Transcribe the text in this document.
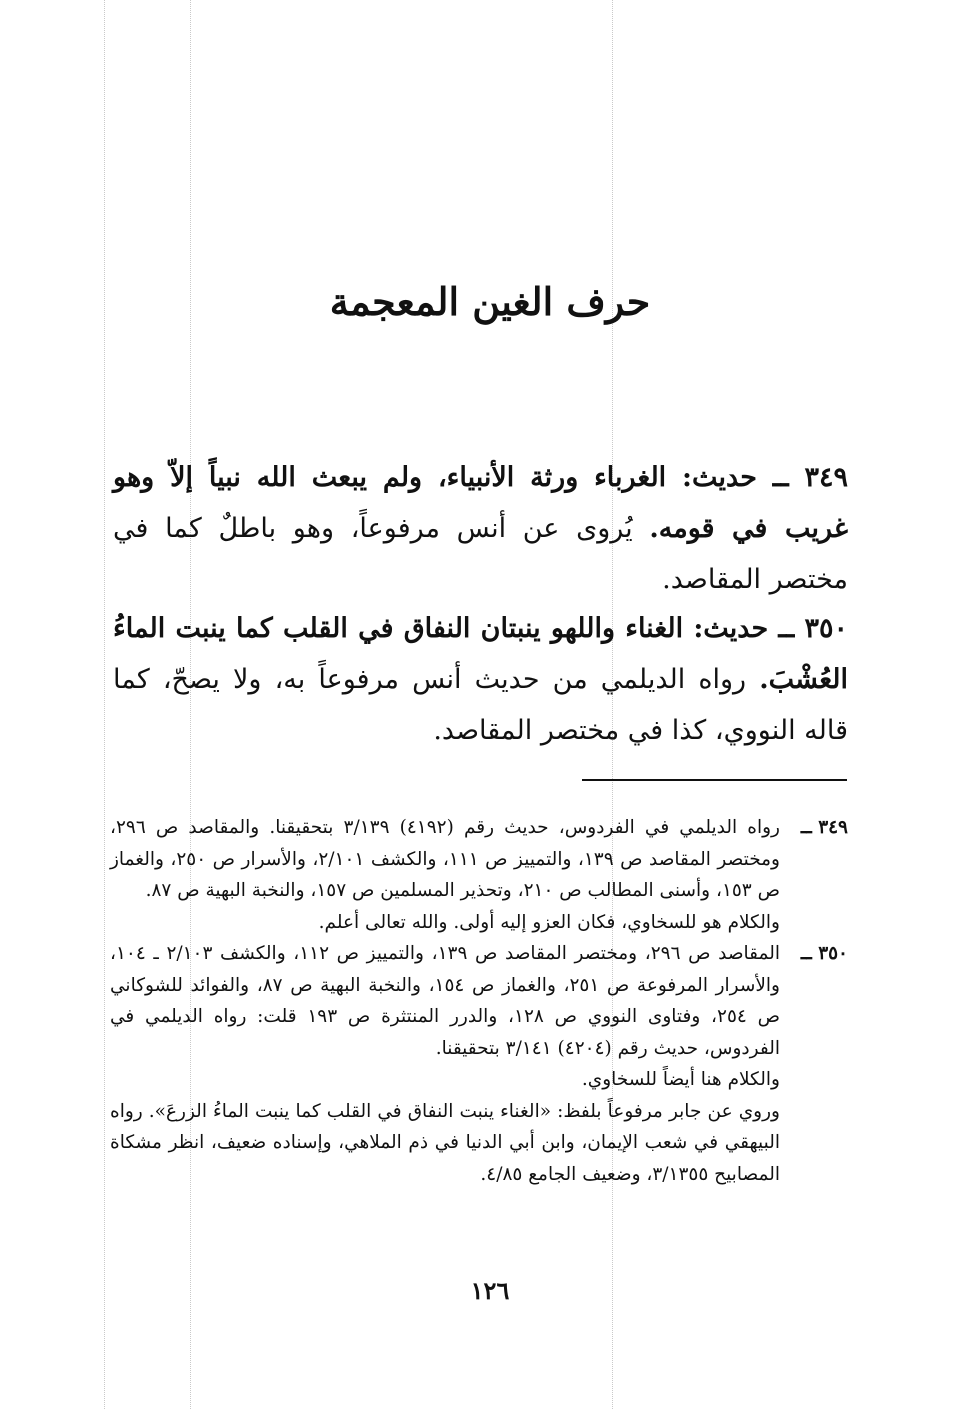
حرف الغين المعجمة

٣٤٩ ــ حديث: الغرباء ورثة الأنبياء، ولم يبعث الله نبياً إلاّ وهو غريب في قومه. يُروى عن أنس مرفوعاً، وهو باطلٌ كما في مختصر المقاصد.

٣٥٠ ــ حديث: الغناء واللهو ينبتان النفاق في القلب كما ينبت الماءُ العُشْبَ. رواه الديلمي من حديث أنس مرفوعاً به، ولا يصحّ، كما قاله النووي، كذا في مختصر المقاصد.

٣٤٩ ــ

رواه الديلمي في الفردوس، حديث رقم (٤١٩٢) ٣/١٣٩ بتحقيقنا. والمقاصد ص ٢٩٦، ومختصر المقاصد ص ١٣٩، والتمييز ص ١١١، والكشف ٢/١٠١، والأسرار ص ٢٥٠، والغماز ص ١٥٣، وأسنى المطالب ص ٢١٠، وتحذير المسلمين ص ١٥٧، والنخبة البهية ص ٨٧.

والكلام هو للسخاوي، فكان العزو إليه أولى. والله تعالى أعلم.

٣٥٠ ــ

المقاصد ص ٢٩٦، ومختصر المقاصد ص ١٣٩، والتمييز ص ١١٢، والكشف ٢/١٠٣ ـ ١٠٤، والأسرار المرفوعة ص ٢٥١، والغماز ص ١٥٤، والنخبة البهية ص ٨٧، والفوائد للشوكاني ص ٢٥٤، وفتاوى النووي ص ١٢٨، والدرر المنتثرة ص ١٩٣ قلت: رواه الديلمي في الفردوس، حديث رقم (٤٢٠٤) ٣/١٤١ بتحقيقنا.

والكلام هنا أيضاً للسخاوي.

وروي عن جابر مرفوعاً بلفظ: «الغناء ينبت النفاق في القلب كما ينبت الماءُ الزرعَ». رواه البيهقي في شعب الإيمان، وابن أبي الدنيا في ذم الملاهي، وإسناده ضعيف، انظر مشكاة المصابيح ٣/١٣٥٥، وضعيف الجامع ٤/٨٥.

١٢٦
